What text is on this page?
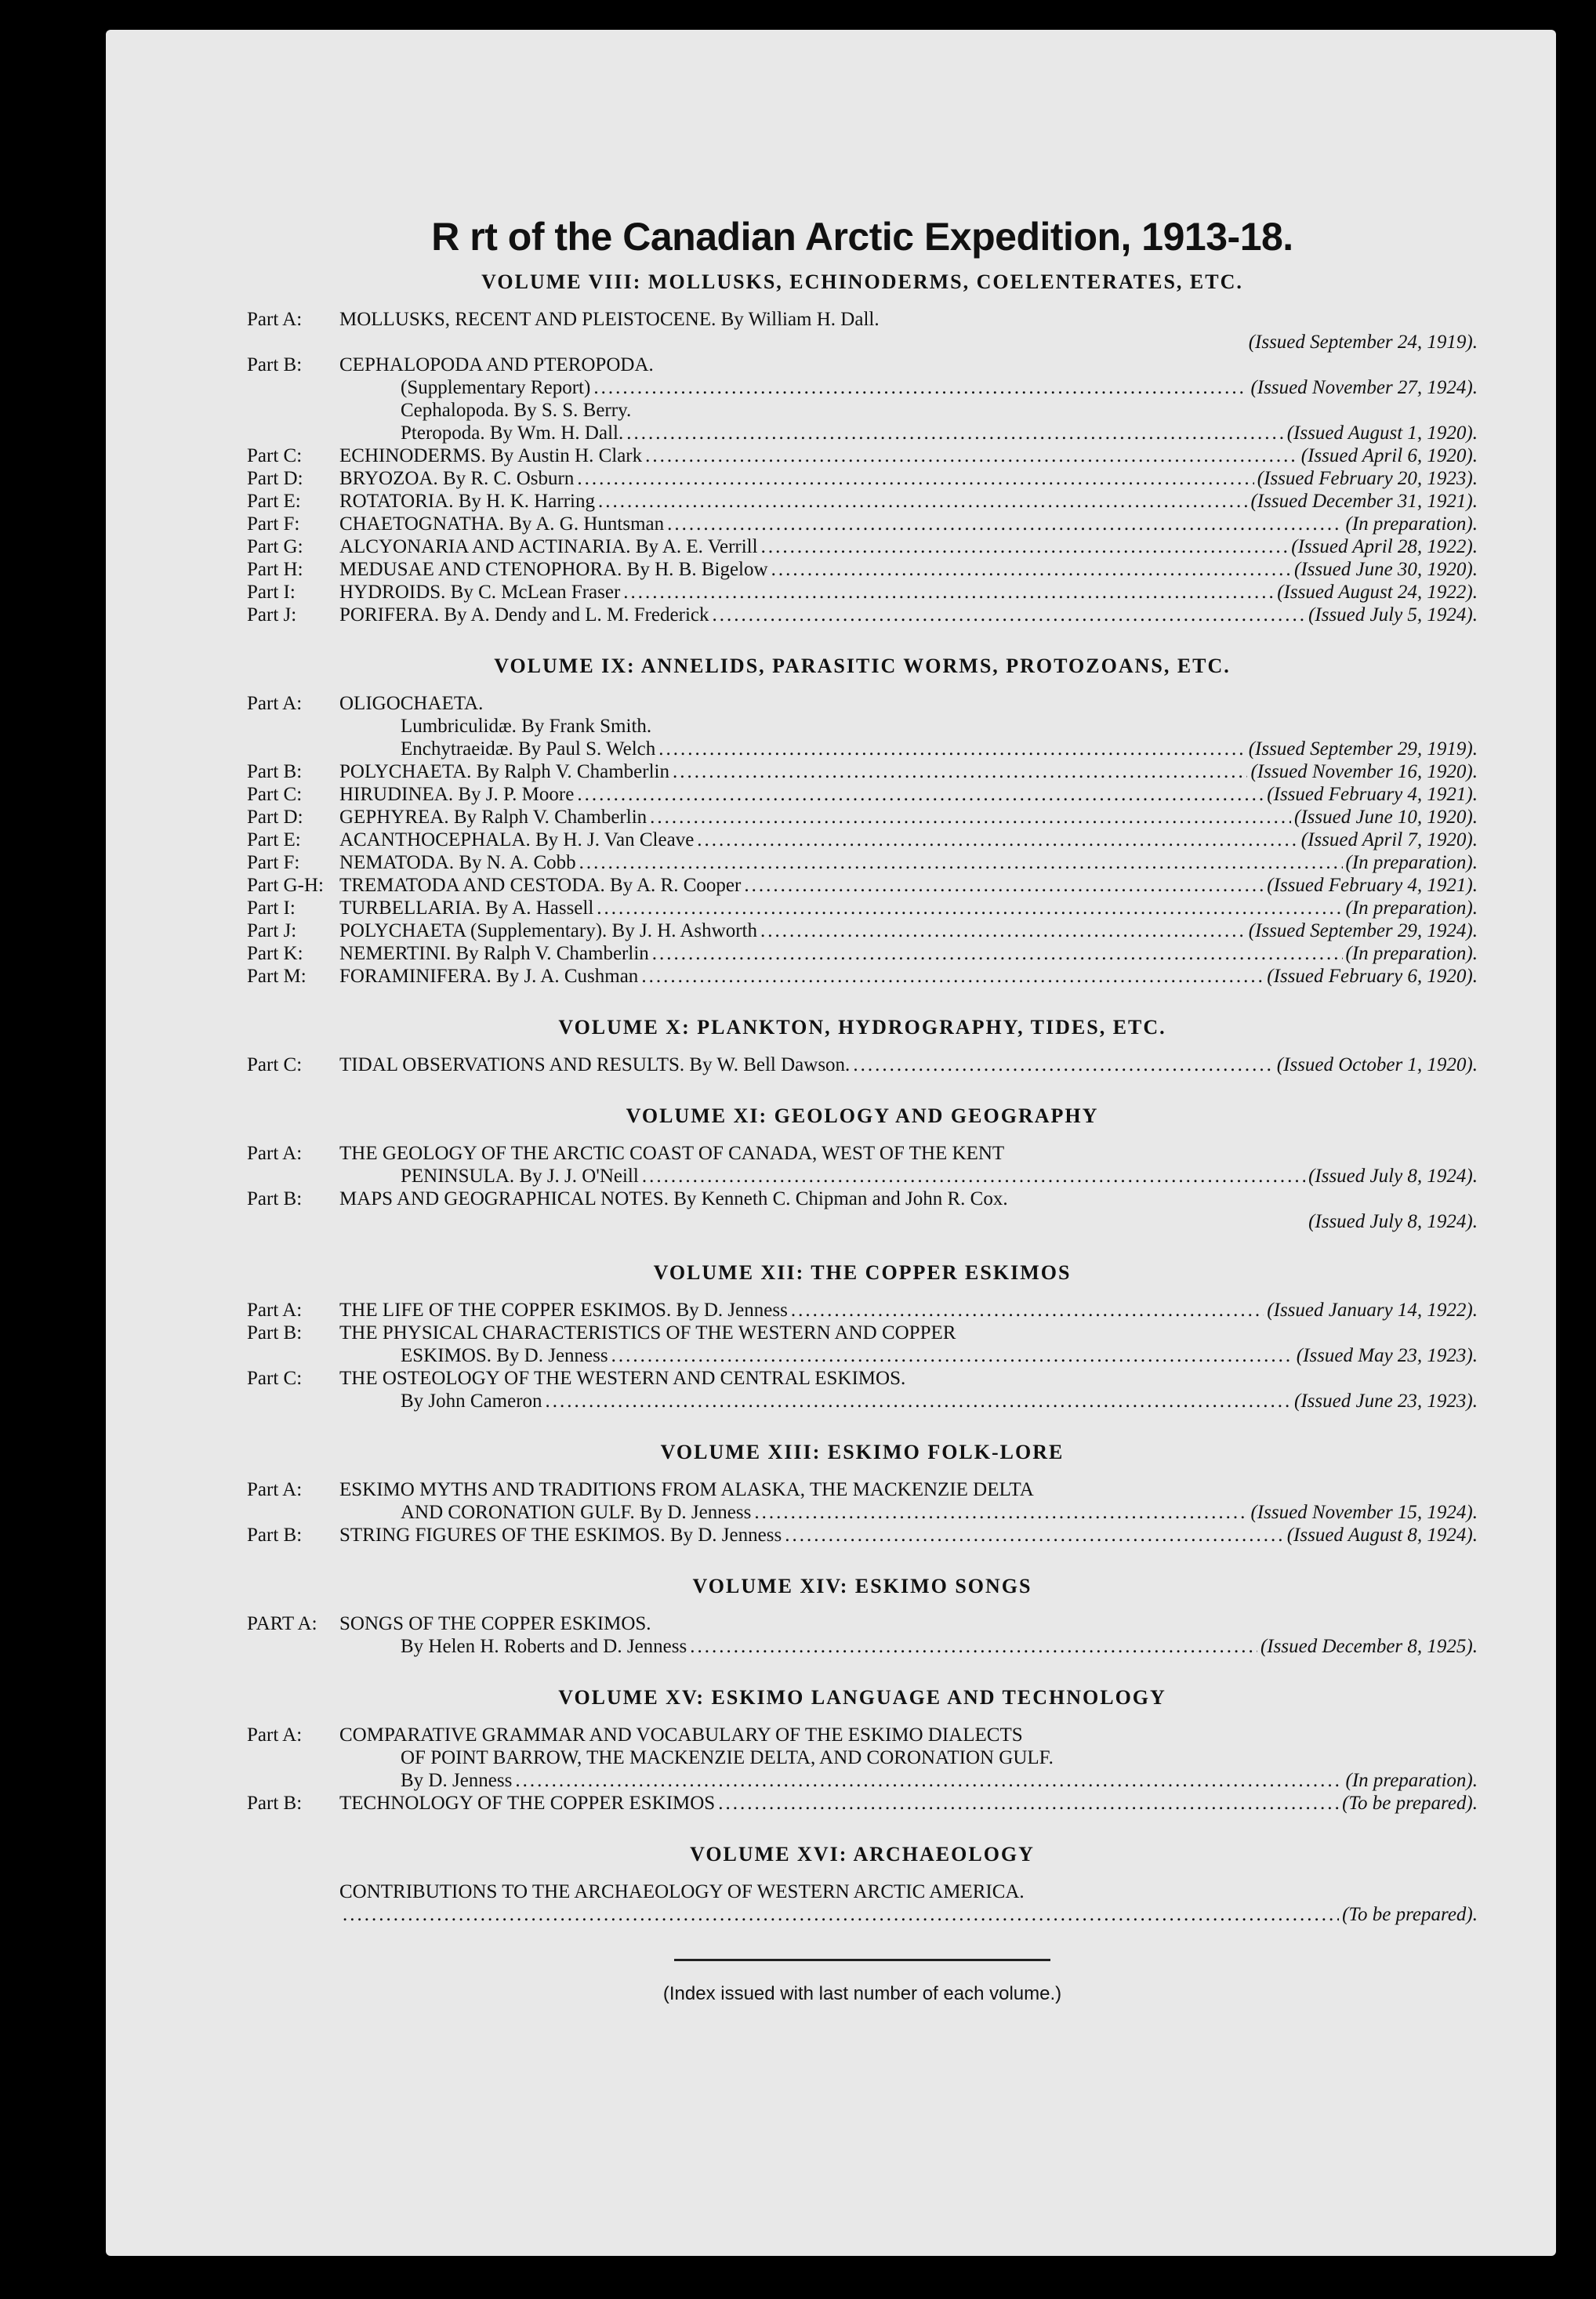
R rt of the Canadian Arctic Expedition, 1913-18.
VOLUME VIII: MOLLUSKS, ECHINODERMS, COELENTERATES, ETC.
Part A:	MOLLUSKS, RECENT AND PLEISTOCENE. By William H. Dall.
(Issued September 24, 1919).
Part B:	CEPHALOPODA AND PTEROPODA.
(Supplementary Report) .....	(Issued November 27, 1924).
Cephalopoda. By S. S. Berry.
Pteropoda. By Wm. H. Dall. .....	(Issued August 1, 1920).
Part C:	ECHINODERMS. By Austin H. Clark .....	(Issued April 6, 1920).
Part D:	BRYOZOA. By R. C. Osburn .....	(Issued February 20, 1923).
Part E:	ROTATORIA. By H. K. Harring .....	(Issued December 31, 1921).
Part F:	CHAETOGNATHA. By A. G. Huntsman .....	(In preparation).
Part G:	ALCYONARIA AND ACTINARIA. By A. E. Verrill .....	(Issued April 28, 1922).
Part H:	MEDUSAE AND CTENOPHORA. By H. B. Bigelow .....	(Issued June 30, 1920).
Part I:	HYDROIDS. By C. McLean Fraser .....	(Issued August 24, 1922).
Part J:	PORIFERA. By A. Dendy and L. M. Frederick .....	(Issued July 5, 1924).
VOLUME IX: ANNELIDS, PARASITIC WORMS, PROTOZOANS, ETC.
Part A:	OLIGOCHAETA.
Lumbriculidæ. By Frank Smith.
Enchytraeidæ. By Paul S. Welch .....	(Issued September 29, 1919).
Part B:	POLYCHAETA. By Ralph V. Chamberlin .....	(Issued November 16, 1920).
Part C:	HIRUDINEA. By J. P. Moore .....	(Issued February 4, 1921).
Part D:	GEPHYREA. By Ralph V. Chamberlin .....	(Issued June 10, 1920).
Part E:	ACANTHOCEPHALA. By H. J. Van Cleave .....	(Issued April 7, 1920).
Part F:	NEMATODA. By N. A. Cobb .....	(In preparation).
Part G-H: TREMATODA AND CESTODA. By A. R. Cooper .....	(Issued February 4, 1921).
Part I:	TURBELLARIA. By A. Hassell .....	(In preparation).
Part J:	POLYCHAETA (Supplementary). By J. H. Ashworth .....	(Issued September 29, 1924).
Part K:	NEMERTINI. By Ralph V. Chamberlin .....	(In preparation).
Part M:	FORAMINIFERA. By J. A. Cushman .....	(Issued February 6, 1920).
VOLUME X: PLANKTON, HYDROGRAPHY, TIDES, ETC.
Part C:	TIDAL OBSERVATIONS AND RESULTS. By W. Bell Dawson. .....	(Issued October 1, 1920).
VOLUME XI: GEOLOGY AND GEOGRAPHY
Part A:	THE GEOLOGY OF THE ARCTIC COAST OF CANADA, WEST OF THE KENT
PENINSULA. By J. J. O'Neill .....	(Issued July 8, 1924).
Part B:	MAPS AND GEOGRAPHICAL NOTES. By Kenneth C. Chipman and John R. Cox.
(Issued July 8, 1924).
VOLUME XII: THE COPPER ESKIMOS
Part A:	THE LIFE OF THE COPPER ESKIMOS. By D. Jenness .....	(Issued January 14, 1922).
Part B:	THE PHYSICAL CHARACTERISTICS OF THE WESTERN AND COPPER
ESKIMOS. By D. Jenness .....	(Issued May 23, 1923).
Part C:	THE OSTEOLOGY OF THE WESTERN AND CENTRAL ESKIMOS.
By John Cameron .....	(Issued June 23, 1923).
VOLUME XIII: ESKIMO FOLK-LORE
Part A:	ESKIMO MYTHS AND TRADITIONS FROM ALASKA, THE MACKENZIE DELTA
AND CORONATION GULF. By D. Jenness .....	(Issued November 15, 1924).
Part B:	STRING FIGURES OF THE ESKIMOS. By D. Jenness .....	(Issued August 8, 1924).
VOLUME XIV: ESKIMO SONGS
PART A:	SONGS OF THE COPPER ESKIMOS.
By Helen H. Roberts and D. Jenness .....	(Issued December 8, 1925).
VOLUME XV: ESKIMO LANGUAGE AND TECHNOLOGY
Part A:	COMPARATIVE GRAMMAR AND VOCABULARY OF THE ESKIMO DIALECTS
OF POINT BARROW, THE MACKENZIE DELTA, AND CORONATION GULF.
By D. Jenness .....	(In preparation).
Part B:	TECHNOLOGY OF THE COPPER ESKIMOS .....	(To be prepared).
VOLUME XVI: ARCHAEOLOGY
CONTRIBUTIONS TO THE ARCHAEOLOGY OF WESTERN ARCTIC AMERICA.
.....
(To be prepared).
(Index issued with last number of each volume.)
